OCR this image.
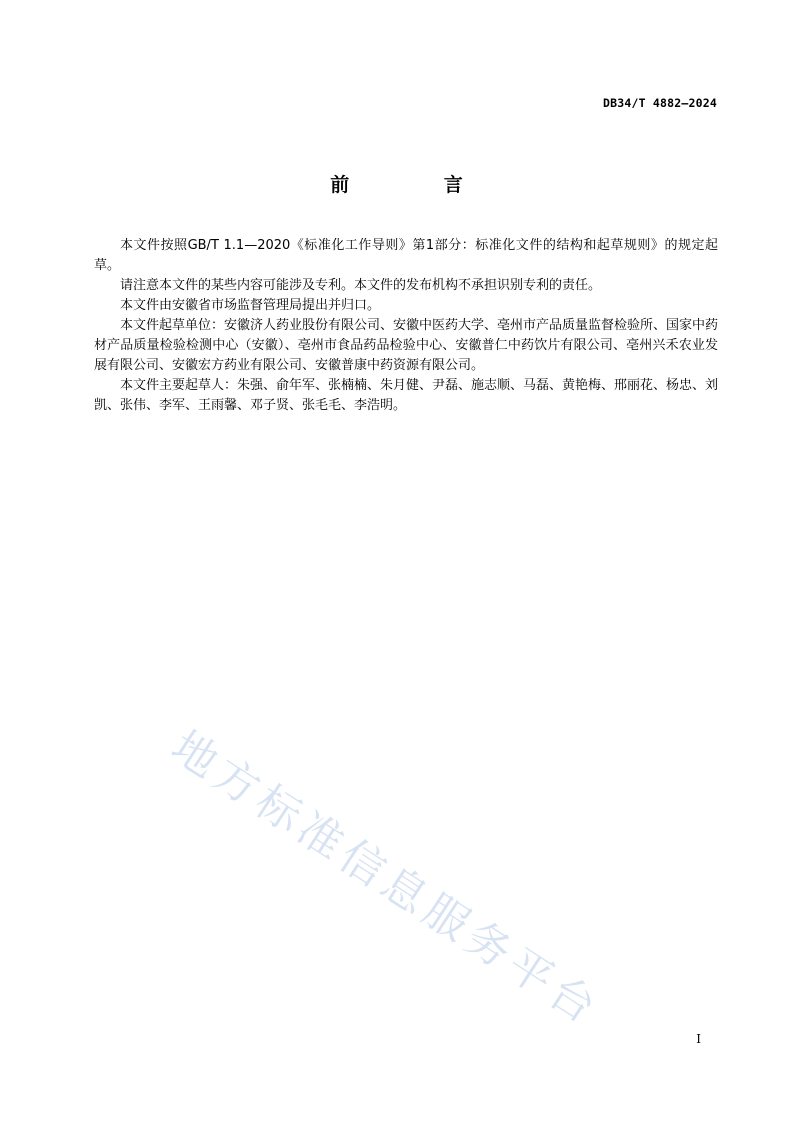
DB34/T 4882—2024
前 言

本文件按照GB/T 1.1—2020《标准化工作导则》第1部分：标准化文件的结构和起草规则》的规定起草。

请注意本文件的某些内容可能涉及专利。本文件的发布机构不承担识别专利的责任。

本文件由安徽省市场监督管理局提出并归口。

本文件起草单位：安徽济人药业股份有限公司、安徽中医药大学、亳州市产品质量监督检验所、国家中药材产品质量检验检测中心（安徽）、亳州市食品药品检验中心、安徽普仁中药饮片有限公司、亳州兴禾农业发展有限公司、安徽宏方药业有限公司、安徽普康中药资源有限公司。

本文件主要起草人：朱强、俞年军、张楠楠、朱月健、尹磊、施志顺、马磊、黄艳梅、邢丽花、杨忠、刘凯、张伟、李军、王雨馨、邓子贤、张毛毛、李浩明。

地方标准信息服务平台
I
